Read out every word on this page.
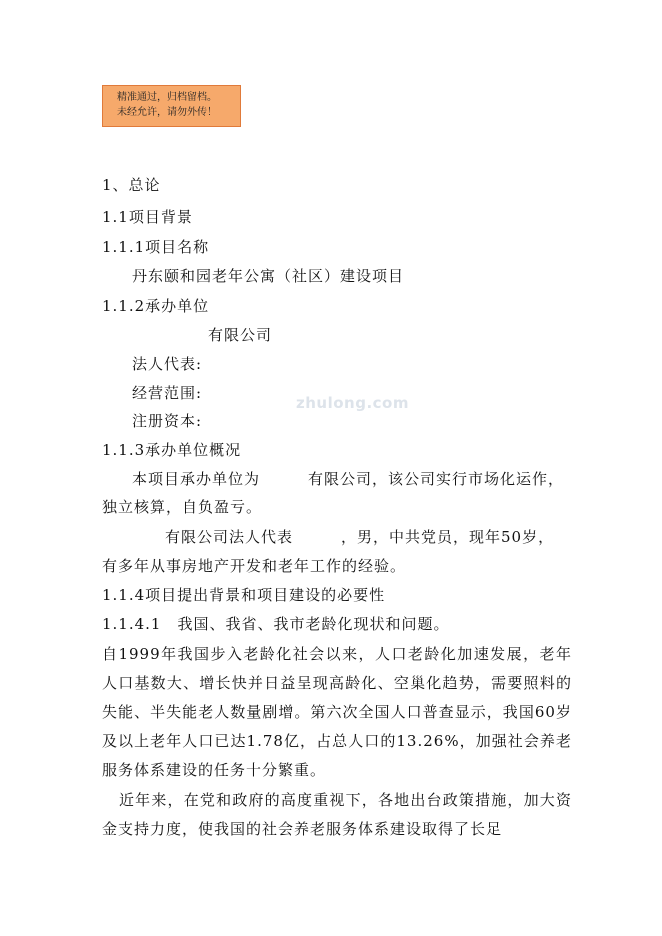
精准通过，归档留档。
未经允许，请勿外传！
zhulong.com
1、总论
1.1项目背景
1.1.1项目名称
丹东颐和园老年公寓（社区）建设项目
1.1.2承办单位
有限公司
法人代表:
经营范围:
注册资本:
1.1.3承办单位概况
本项目承办单位为　　　有限公司，该公司实行市场化运作，
独立核算，自负盈亏。
有限公司法人代表　　　，男，中共党员，现年50岁，
有多年从事房地产开发和老年工作的经验。
1.1.4项目提出背景和项目建设的必要性
1.1.4.1　我国、我省、我市老龄化现状和问题。
自1999年我国步入老龄化社会以来，人口老龄化加速发展，老年人口基数大、增长快并日益呈现高龄化、空巢化趋势，需要照料的失能、半失能老人数量剧增。第六次全国人口普查显示，我国60岁及以上老年人口已达1.78亿，占总人口的13.26%，加强社会养老服务体系建设的任务十分繁重。
近年来，在党和政府的高度重视下，各地出台政策措施，加大资金支持力度，使我国的社会养老服务体系建设取得了长足
